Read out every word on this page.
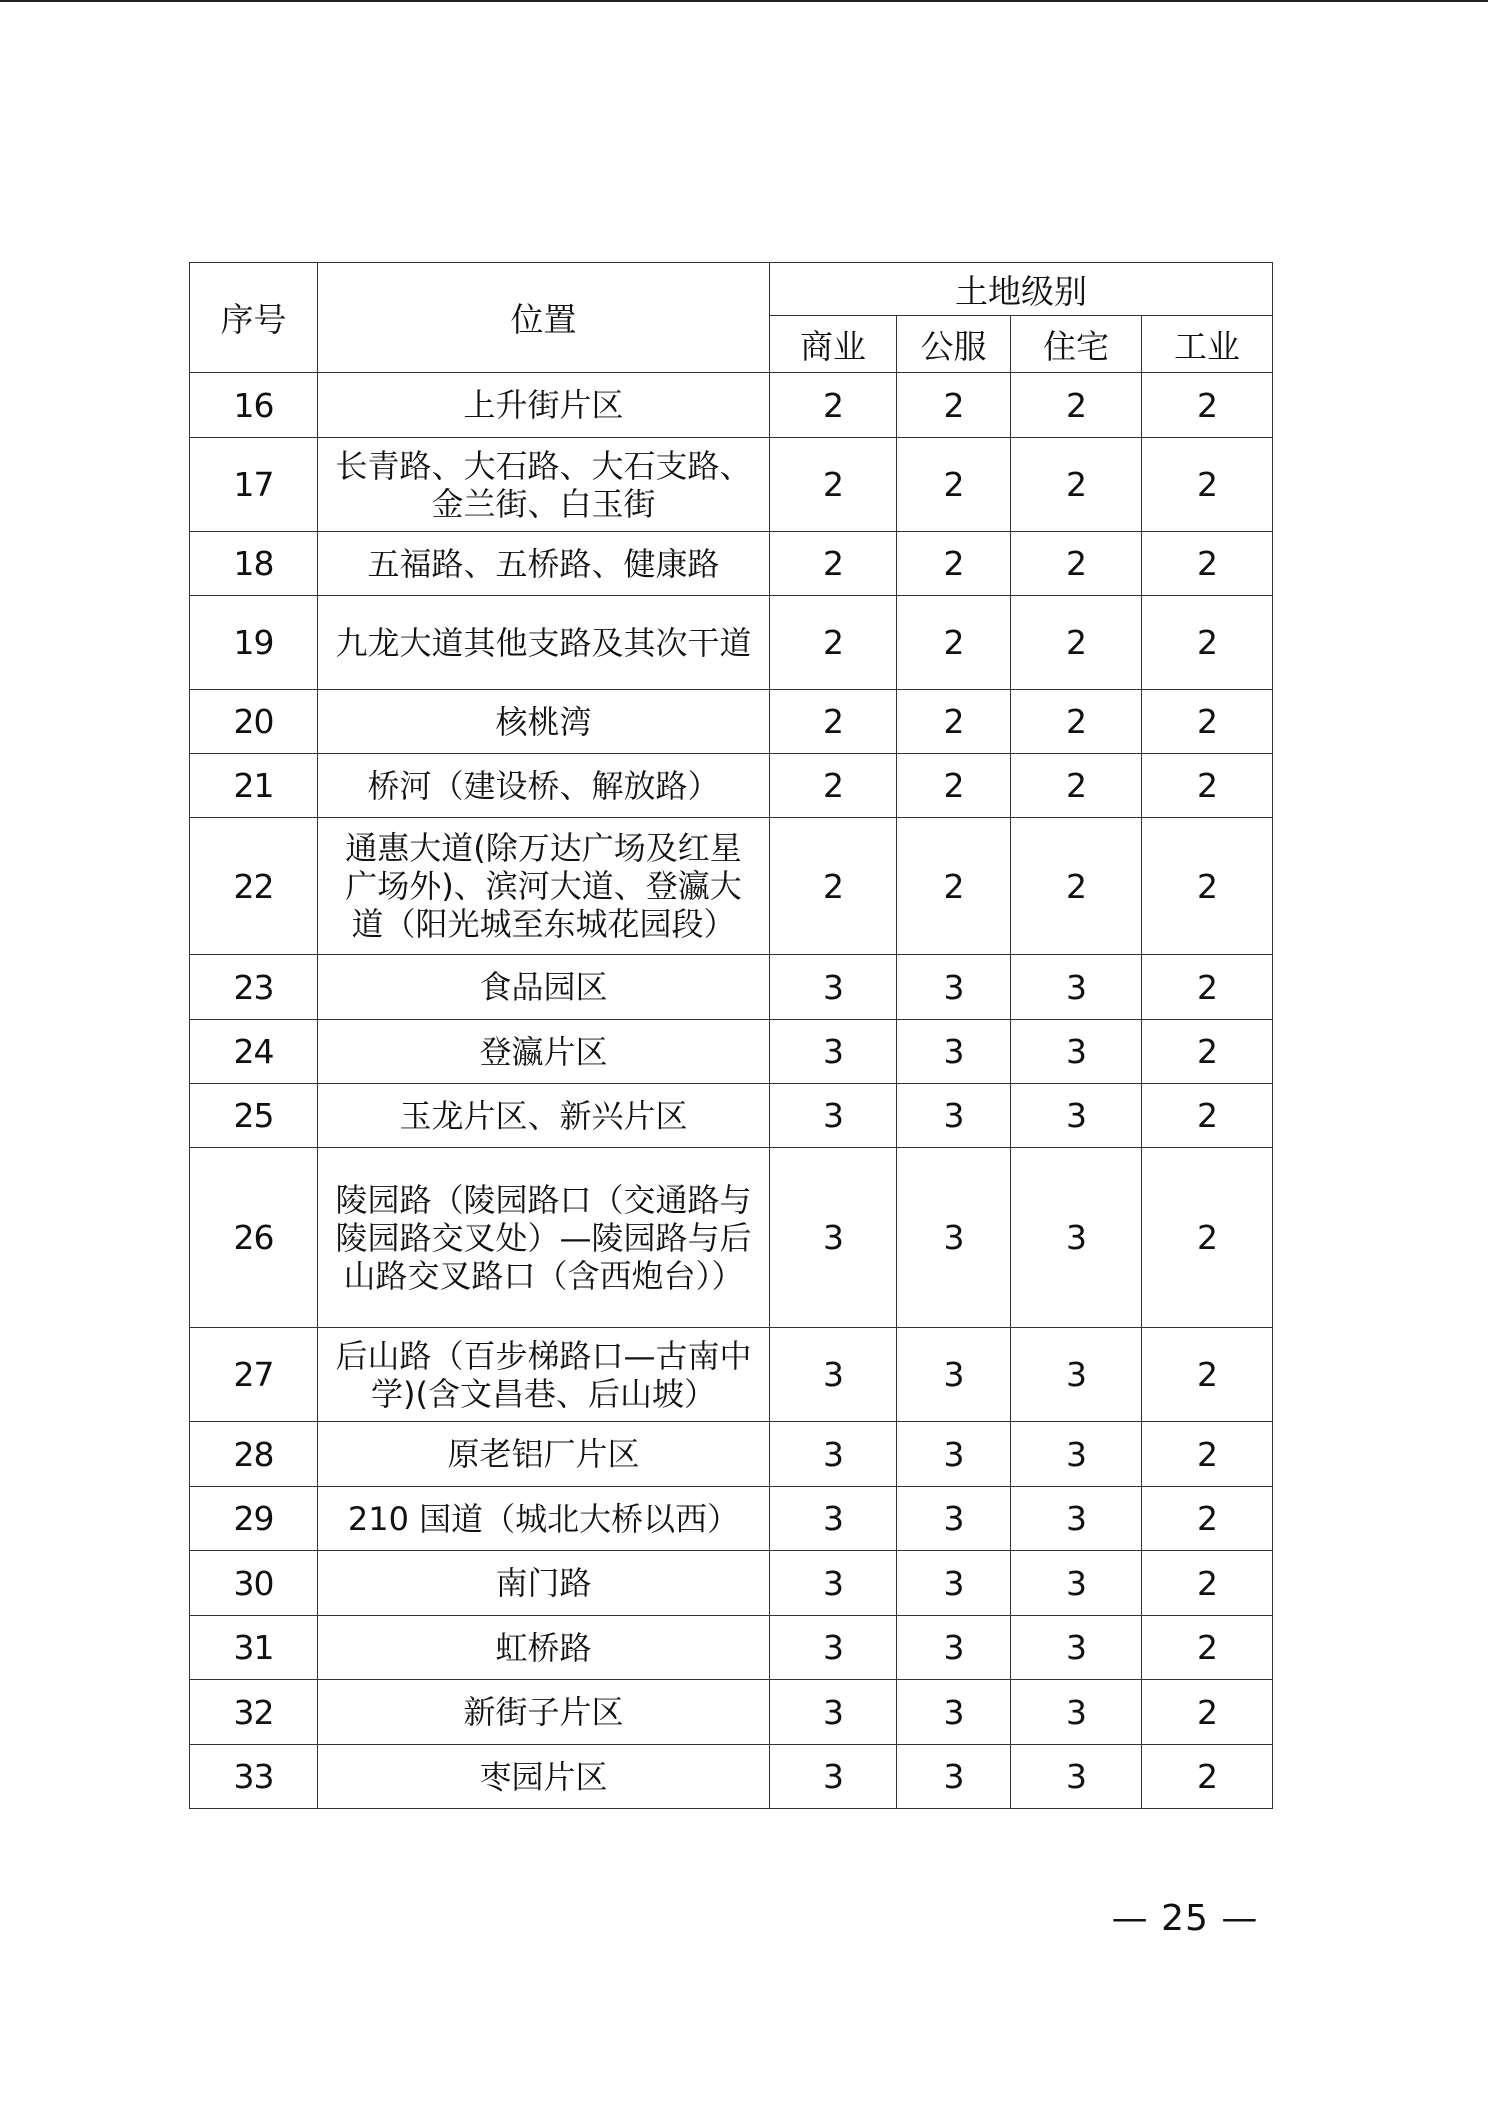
序号	位置	土地级别			
		商业	公服	住宅	工业
16	上升街片区	2	2	2	2
17	长青路、大石路、大石支路、金兰街、白玉街	2	2	2	2
18	五福路、五桥路、健康路	2	2	2	2
19	九龙大道其他支路及其次干道	2	2	2	2
20	核桃湾	2	2	2	2
21	桥河（建设桥、解放路）	2	2	2	2
22	通惠大道(除万达广场及红星广场外)、滨河大道、登瀛大道（阳光城至东城花园段）	2	2	2	2
23	食品园区	3	3	3	2
24	登瀛片区	3	3	3	2
25	玉龙片区、新兴片区	3	3	3	2
26	陵园路（陵园路口（交通路与陵园路交叉处）—陵园路与后山路交叉路口（含西炮台））	3	3	3	2
27	后山路（百步梯路口—古南中学)(含文昌巷、后山坡）	3	3	3	2
28	原老铝厂片区	3	3	3	2
29	210 国道（城北大桥以西）	3	3	3	2
30	南门路	3	3	3	2
31	虹桥路	3	3	3	2
32	新街子片区	3	3	3	2
33	枣园片区	3	3	3	2
— 25 —
